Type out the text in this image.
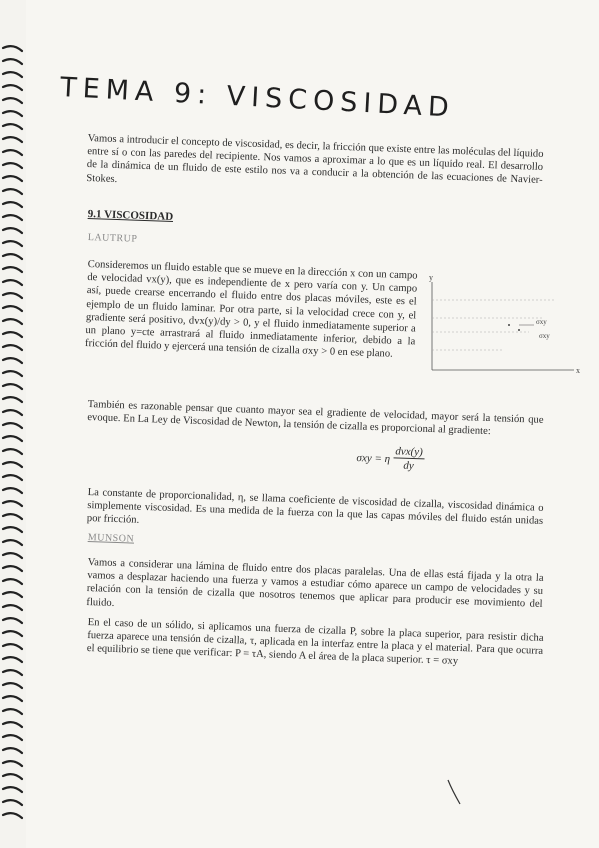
TEMA 9: VISCOSIDAD

Vamos a introducir el concepto de viscosidad, es decir, la fricción que existe entre las moléculas del líquido entre sí o con las paredes del recipiente. Nos vamos a aproximar a lo que es un líquido real. El desarrollo de la dinámica de un fluido de este estilo nos va a conducir a la obtención de las ecuaciones de Navier-Stokes.

9.1 VISCOSIDAD

LAUTRUP

Consideremos un fluido estable que se mueve en la dirección x con un campo de velocidad vx(y), que es independiente de x pero varía con y. Un campo así, puede crearse encerrando el fluido entre dos placas móviles, este es el ejemplo de un fluido laminar. Por otra parte, si la velocidad crece con y, el gradiente será positivo, dvx(y)/dy > 0, y el fluido inmediatamente superior a un plano y=cte arrastrará al fluido inmediatamente inferior, debido a la fricción del fluido y ejercerá una tensión de cizalla σxy > 0 en ese plano.

y
x
σxy
σxy

También es razonable pensar que cuanto mayor sea el gradiente de velocidad, mayor será la tensión que evoque. En La Ley de Viscosidad de Newton, la tensión de cizalla es proporcional al gradiente:

σxy = η	dvx(y)
dy

La constante de proporcionalidad, η, se llama coeficiente de viscosidad de cizalla, viscosidad dinámica o simplemente viscosidad. Es una medida de la fuerza con la que las capas móviles del fluido están unidas por fricción.

MUNSON

Vamos a considerar una lámina de fluido entre dos placas paralelas. Una de ellas está fijada y la otra la vamos a desplazar haciendo una fuerza y vamos a estudiar cómo aparece un campo de velocidades y su relación con la tensión de cizalla que nosotros tenemos que aplicar para producir ese movimiento del fluido.

En el caso de un sólido, si aplicamos una fuerza de cizalla P, sobre la placa superior, para resistir dicha fuerza aparece una tensión de cizalla, τ, aplicada en la interfaz entre la placa y el material. Para que ocurra el equilibrio se tiene que verificar: P = τA, siendo A el área de la placa superior. τ = σxy
